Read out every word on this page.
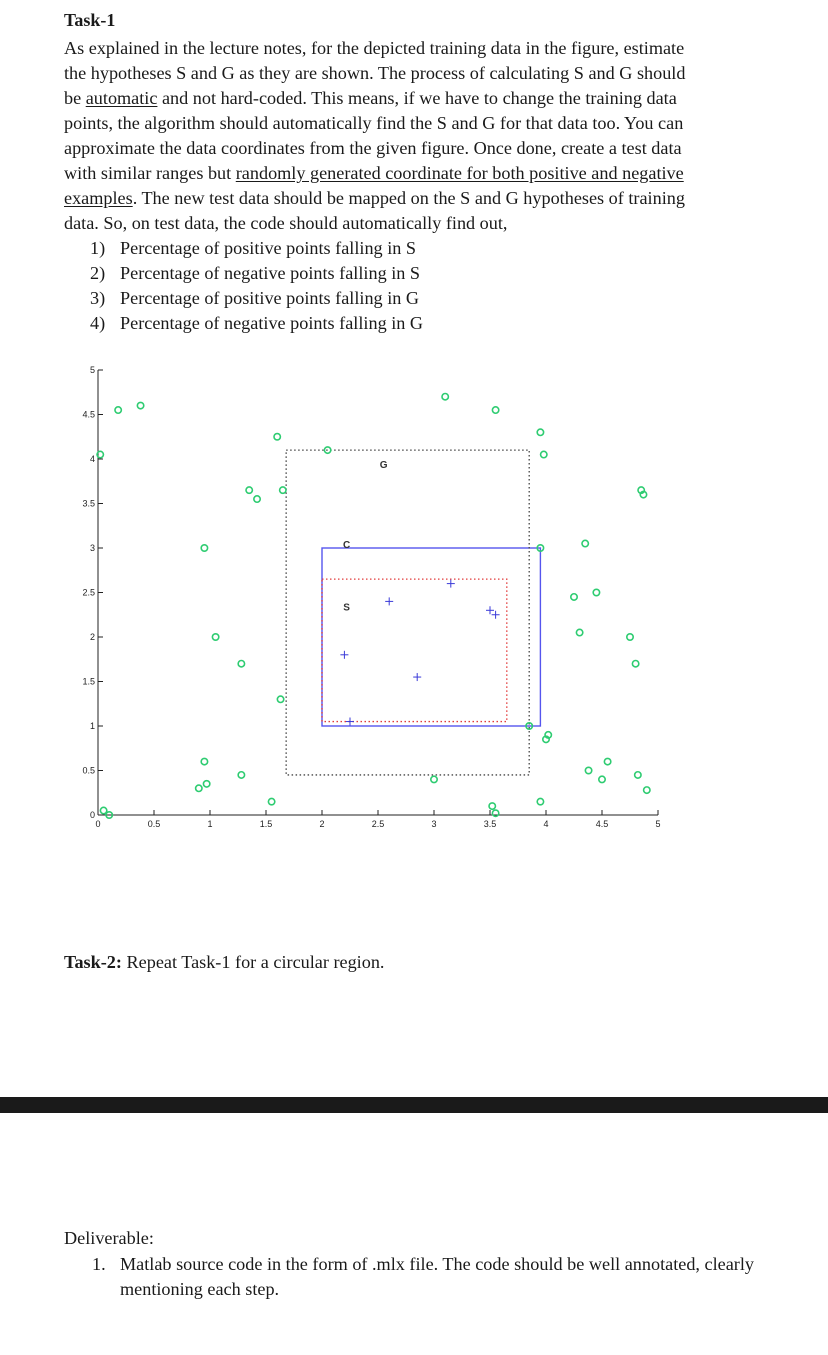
Task-1
As explained in the lecture notes, for the depicted training data in the figure, estimate
the hypotheses S and G as they are shown. The process of calculating S and G should
be automatic and not hard-coded. This means, if we have to change the training data
points, the algorithm should automatically find the S and G for that data too. You can
approximate the data coordinates from the given figure. Once done, create a test data
with similar ranges but randomly generated coordinate for both positive and negative
examples. The new test data should be mapped on the S and G hypotheses of training
data. So, on test data, the code should automatically find out,
1) Percentage of positive points falling in S
2) Percentage of negative points falling in S
3) Percentage of positive points falling in G
4) Percentage of negative points falling in G
0	0.5	1	1.5	2	2.5	3	3.5	4	4.5	5
0
0.5
1
1.5
2
2.5
3
3.5
4
4.5
5
G
C
S
Task-2: Repeat Task-1 for a circular region.
Deliverable:
1. Matlab source code in the form of .mlx file. The code should be well annotated, clearly mentioning each step.
